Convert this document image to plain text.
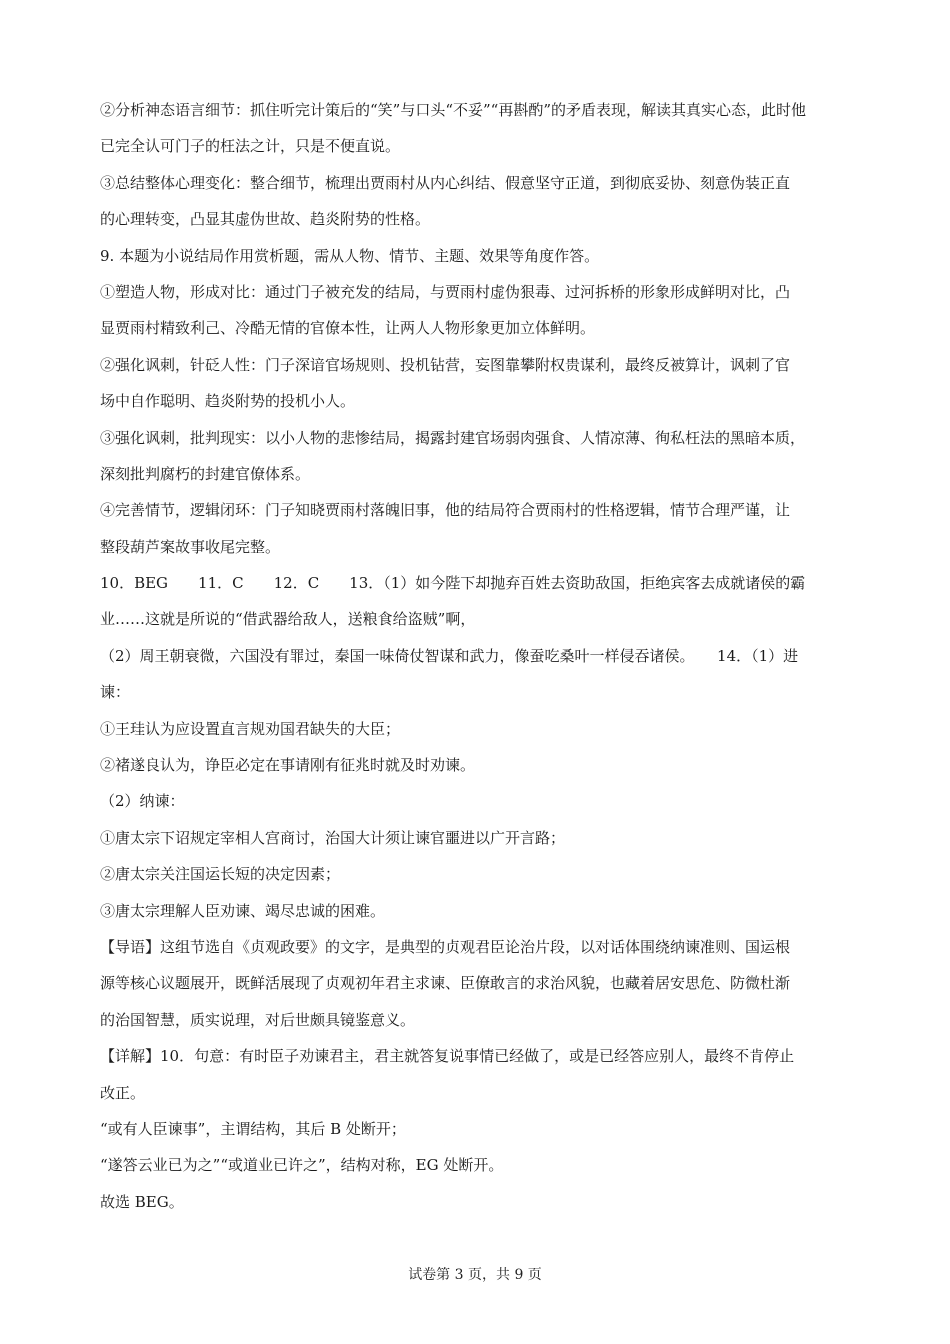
②分析神态语言细节：抓住听完计策后的“笑”与口头“不妥”“再斟酌”的矛盾表现，解读其真实心态，此时他
已完全认可门子的枉法之计，只是不便直说。
③总结整体心理变化：整合细节，梳理出贾雨村从内心纠结、假意坚守正道，到彻底妥协、刻意伪装正直
的心理转变，凸显其虚伪世故、趋炎附势的性格。
9. 本题为小说结局作用赏析题，需从人物、情节、主题、效果等角度作答。
①塑造人物，形成对比：通过门子被充发的结局，与贾雨村虚伪狠毒、过河拆桥的形象形成鲜明对比，凸
显贾雨村精致利己、冷酷无情的官僚本性，让两人人物形象更加立体鲜明。
②强化讽刺，针砭人性：门子深谙官场规则、投机钻营，妄图靠攀附权贵谋利，最终反被算计，讽刺了官
场中自作聪明、趋炎附势的投机小人。
③强化讽刺，批判现实：以小人物的悲惨结局，揭露封建官场弱肉强食、人情凉薄、徇私枉法的黑暗本质，
深刻批判腐朽的封建官僚体系。
④完善情节，逻辑闭环：门子知晓贾雨村落魄旧事，他的结局符合贾雨村的性格逻辑，情节合理严谨，让
整段葫芦案故事收尾完整。
10．BEG　　11．C　　12．C　　13．（1）如今陛下却抛弃百姓去资助敌国，拒绝宾客去成就诸侯的霸
业……这就是所说的“借武器给敌人，送粮食给盗贼”啊，
（2）周王朝衰微，六国没有罪过，秦国一味倚仗智谋和武力，像蚕吃桑叶一样侵吞诸侯。　　14．（1）进
谏：
①王珪认为应设置直言规劝国君缺失的大臣；
②褚遂良认为，诤臣必定在事请刚有征兆时就及时劝谏。
（2）纳谏：
①唐太宗下诏规定宰相人宫商讨，治国大计须让谏官噩进以广开言路；
②唐太宗关注国运长短的决定因素；
③唐太宗理解人臣劝谏、竭尽忠诚的困难。
【导语】这组节选自《贞观政要》的文字，是典型的贞观君臣论治片段，以对话体围绕纳谏准则、国运根
源等核心议题展开，既鲜活展现了贞观初年君主求谏、臣僚敢言的求治风貌，也藏着居安思危、防微杜渐
的治国智慧，质实说理，对后世颇具镜鉴意义。
【详解】10．句意：有时臣子劝谏君主，君主就答复说事情已经做了，或是已经答应别人，最终不肯停止
改正。
“或有人臣谏事”，主谓结构，其后 B 处断开；
“遂答云业已为之”“或道业已许之”，结构对称，EG 处断开。
故选 BEG。
试卷第 3 页，共 9 页
